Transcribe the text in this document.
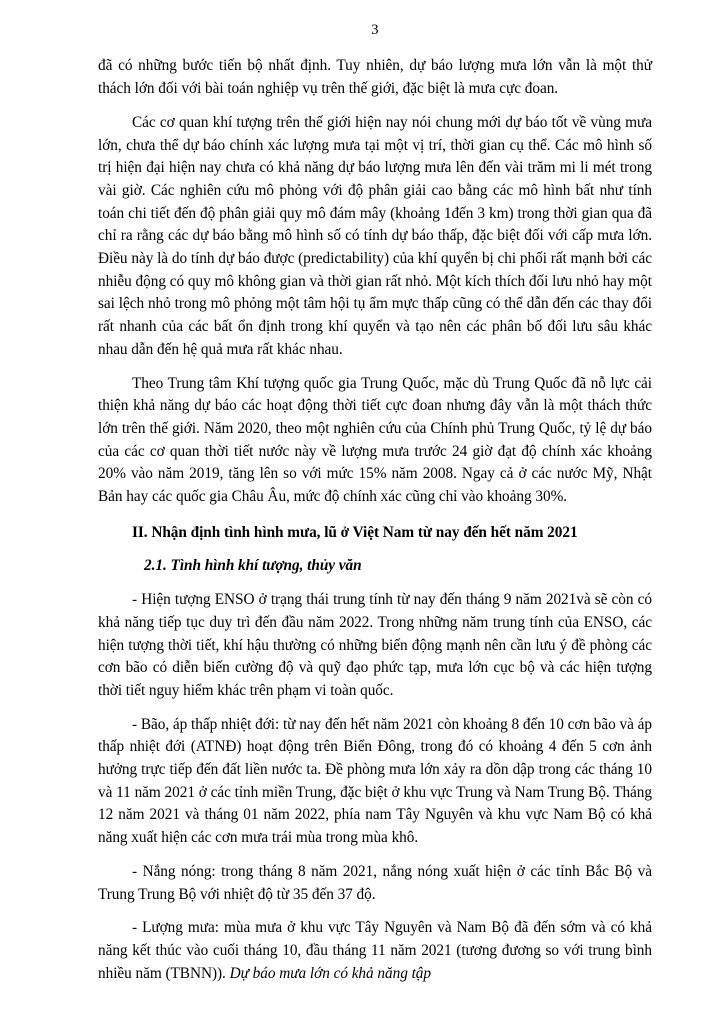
3

đã có những bước tiến bộ nhất định. Tuy nhiên, dự báo lượng mưa lớn vẫn là một thử thách lớn đối với bài toán nghiệp vụ trên thế giới, đặc biệt là mưa cực đoan.

Các cơ quan khí tượng trên thế giới hiện nay nói chung mới dự báo tốt về vùng mưa lớn, chưa thể dự báo chính xác lượng mưa tại một vị trí, thời gian cụ thể. Các mô hình số trị hiện đại hiện nay chưa có khả năng dự báo lượng mưa lên đến vài trăm mi li mét trong vài giờ. Các nghiên cứu mô phỏng với độ phân giải cao bằng các mô hình bất như tính toán chi tiết đến độ phân giải quy mô đám mây (khoảng 1đến 3 km) trong thời gian qua đã chỉ ra rằng các dự báo bằng mô hình số có tính dự báo thấp, đặc biệt đối với cấp mưa lớn. Điều này là do tính dự báo được (predictability) của khí quyển bị chi phối rất mạnh bởi các nhiễu động có quy mô không gian và thời gian rất nhỏ. Một kích thích đối lưu nhỏ hay một sai lệch nhỏ trong mô phỏng một tâm hội tụ ẩm mực thấp cũng có thể dẫn đến các thay đổi rất nhanh của các bất ổn định trong khí quyển và tạo nên các phân bố đối lưu sâu khác nhau dẫn đến hệ quả mưa rất khác nhau.

Theo Trung tâm Khí tượng quốc gia Trung Quốc, mặc dù Trung Quốc đã nỗ lực cải thiện khả năng dự báo các hoạt động thời tiết cực đoan nhưng đây vẫn là một thách thức lớn trên thế giới. Năm 2020, theo một nghiên cứu của Chính phủ Trung Quốc, tỷ lệ dự báo của các cơ quan thời tiết nước này về lượng mưa trước 24 giờ đạt độ chính xác khoảng 20% vào năm 2019, tăng lên so với mức 15% năm 2008. Ngay cả ở các nước Mỹ, Nhật Bản hay các quốc gia Châu Âu, mức độ chính xác cũng chỉ vào khoảng 30%.

II. Nhận định tình hình mưa, lũ ở Việt Nam từ nay đến hết năm 2021

2.1. Tình hình khí tượng, thủy văn

- Hiện tượng ENSO ở trạng thái trung tính từ nay đến tháng 9 năm 2021và sẽ còn có khả năng tiếp tục duy trì đến đầu năm 2022. Trong những năm trung tính của ENSO, các hiện tượng thời tiết, khí hậu thường có những biến động mạnh nên cần lưu ý đề phòng các cơn bão có diễn biến cường độ và quỹ đạo phức tạp, mưa lớn cục bộ và các hiện tượng thời tiết nguy hiểm khác trên phạm vi toàn quốc.

- Bão, áp thấp nhiệt đới: từ nay đến hết năm 2021 còn khoảng 8 đến 10 cơn bão và áp thấp nhiệt đới (ATNĐ) hoạt động trên Biển Đông, trong đó có khoảng 4 đến 5 cơn ảnh hưởng trực tiếp đến đất liền nước ta. Đề phòng mưa lớn xảy ra dồn dập trong các tháng 10 và 11 năm 2021 ở các tỉnh miền Trung, đặc biệt ở khu vực Trung và Nam Trung Bộ. Tháng 12 năm 2021 và tháng 01 năm 2022, phía nam Tây Nguyên và khu vực Nam Bộ có khả năng xuất hiện các cơn mưa trái mùa trong mùa khô.

- Nắng nóng: trong tháng 8 năm 2021, nắng nóng xuất hiện ở các tỉnh Bắc Bộ và Trung Trung Bộ với nhiệt độ từ 35 đến 37 độ.

- Lượng mưa: mùa mưa ở khu vực Tây Nguyên và Nam Bộ đã đến sớm và có khả năng kết thúc vào cuối tháng 10, đầu tháng 11 năm 2021 (tương đương so với trung bình nhiều năm (TBNN)). Dự báo mưa lớn có khả năng tập
